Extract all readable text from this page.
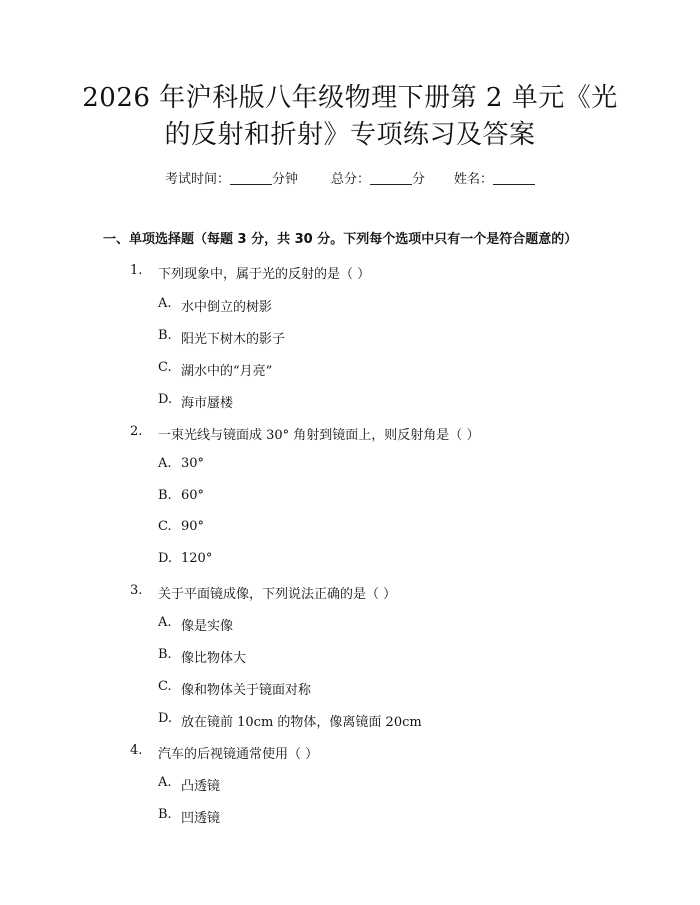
2026 年沪科版八年级物理下册第 2 单元《光
的反射和折射》专项练习及答案
考试时间：	分钟	总分：	分 姓名：
一、单项选择题（每题 3 分，共 30 分。下列每个选项中只有一个是符合题意的）
1. 下列现象中，属于光的反射的是（ ）
A. 水中倒立的树影
B. 阳光下树木的影子
C. 湖水中的“月亮”
D. 海市蜃楼
2. 一束光线与镜面成 30° 角射到镜面上，则反射角是（ ）
A. 30°
B. 60°
C. 90°
D. 120°
3. 关于平面镜成像，下列说法正确的是（ ）
A. 像是实像
B. 像比物体大
C. 像和物体关于镜面对称
D. 放在镜前 10cm 的物体，像离镜面 20cm
4. 汽车的后视镜通常使用（ ）
A. 凸透镜
B. 凹透镜
